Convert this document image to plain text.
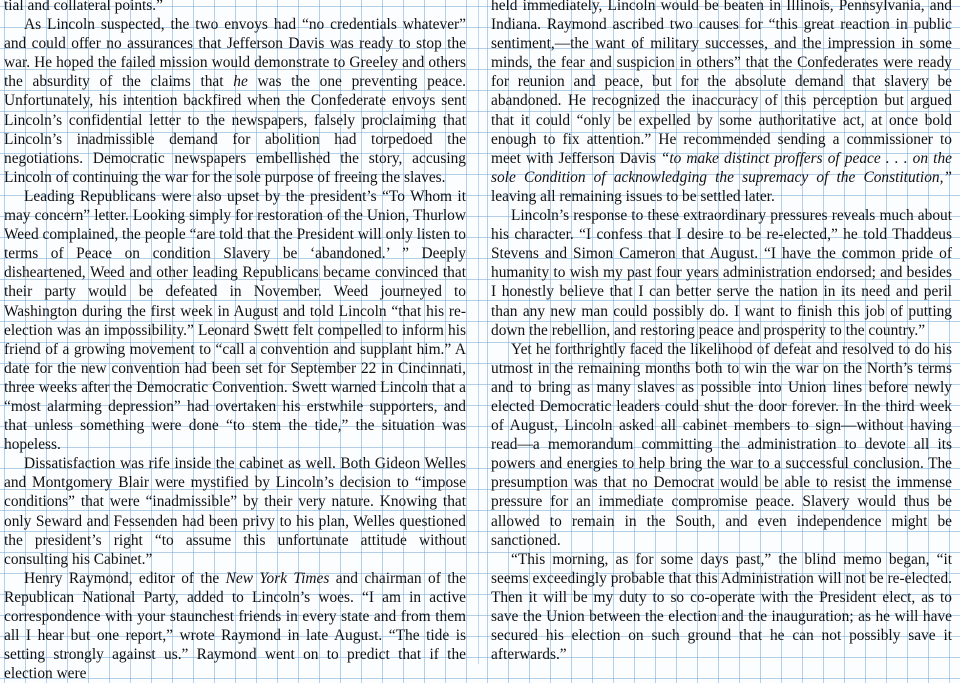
tial and collateral points.”

As Lincoln suspected, the two envoys had “no credentials whatever” and could offer no assurances that Jefferson Davis was ready to stop the war. He hoped the failed mission would demonstrate to Greeley and others the absurdity of the claims that he was the one preventing peace. Unfortunately, his intention backfired when the Confederate envoys sent Lincoln’s confidential letter to the newspapers, falsely proclaiming that Lincoln’s inadmissible demand for abolition had torpedoed the negotiations. Democratic newspapers embellished the story, accusing Lincoln of continuing the war for the sole purpose of freeing the slaves.

Leading Republicans were also upset by the president’s “To Whom it may concern” letter. Looking simply for restoration of the Union, Thurlow Weed complained, the people “are told that the President will only listen to terms of Peace on condition Slavery be ‘abandoned.’ ” Deeply disheartened, Weed and other leading Republicans became convinced that their party would be defeated in November. Weed journeyed to Washington during the first week in August and told Lincoln “that his re-election was an impossibility.” Leonard Swett felt compelled to inform his friend of a growing movement to “call a convention and supplant him.” A date for the new convention had been set for September 22 in Cincinnati, three weeks after the Democratic Convention. Swett warned Lincoln that a “most alarming depression” had overtaken his erstwhile supporters, and that unless something were done “to stem the tide,” the situation was hopeless.

Dissatisfaction was rife inside the cabinet as well. Both Gideon Welles and Montgomery Blair were mystified by Lincoln’s decision to “impose conditions” that were “inadmissible” by their very nature. Knowing that only Seward and Fessenden had been privy to his plan, Welles questioned the president’s right “to assume this unfortunate attitude without consulting his Cabinet.”

Henry Raymond, editor of the New York Times and chairman of the Republican National Party, added to Lincoln’s woes. “I am in active correspondence with your staunchest friends in every state and from them all I hear but one report,” wrote Raymond in late August. “The tide is setting strongly against us.” Raymond went on to predict that if the election were

held immediately, Lincoln would be beaten in Illinois, Pennsylvania, and Indiana. Raymond ascribed two causes for “this great reaction in public sentiment,—the want of military successes, and the impression in some minds, the fear and suspicion in others” that the Confederates were ready for reunion and peace, but for the absolute demand that slavery be abandoned. He recognized the inaccuracy of this perception but argued that it could “only be expelled by some authoritative act, at once bold enough to fix attention.” He recommended sending a commissioner to meet with Jefferson Davis “to make distinct proffers of peace . . . on the sole Condition of acknowledging the supremacy of the Constitution,” leaving all remaining issues to be settled later.

Lincoln’s response to these extraordinary pressures reveals much about his character. “I confess that I desire to be re-elected,” he told Thaddeus Stevens and Simon Cameron that August. “I have the common pride of humanity to wish my past four years administration endorsed; and besides I honestly believe that I can better serve the nation in its need and peril than any new man could possibly do. I want to finish this job of putting down the rebellion, and restoring peace and prosperity to the country.”

Yet he forthrightly faced the likelihood of defeat and resolved to do his utmost in the remaining months both to win the war on the North’s terms and to bring as many slaves as possible into Union lines before newly elected Democratic leaders could shut the door forever. In the third week of August, Lincoln asked all cabinet members to sign—without having read—a memorandum committing the administration to devote all its powers and energies to help bring the war to a successful conclusion. The presumption was that no Democrat would be able to resist the immense pressure for an immediate compromise peace. Slavery would thus be allowed to remain in the South, and even independence might be sanctioned.

“This morning, as for some days past,” the blind memo began, “it seems exceedingly probable that this Administration will not be re-elected. Then it will be my duty to so co-operate with the President elect, as to save the Union between the election and the inauguration; as he will have secured his election on such ground that he can not possibly save it afterwards.”
